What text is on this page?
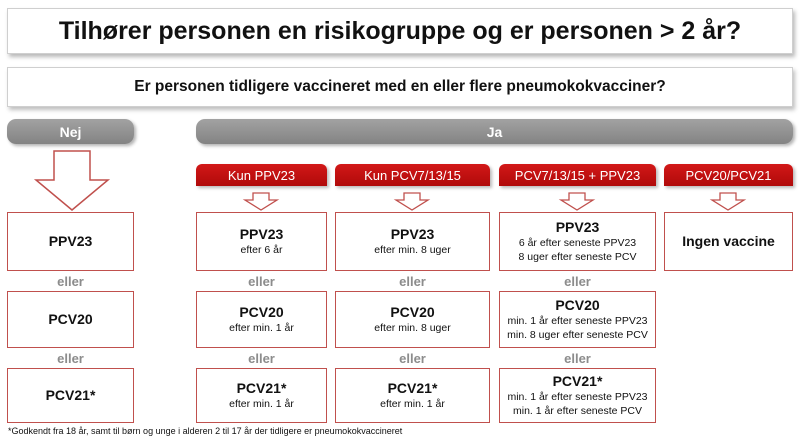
Tilhører personen en risikogruppe og er personen > 2 år?
Er personen tidligere vaccineret med en eller flere pneumokokvacciner?
Nej	Ja
Kun PPV23	Kun PCV7/13/15	PCV7/13/15 + PPV23	PCV20/PCV21
PPV23
eller
PCV20
eller
PCV21*
PPV23
efter 6 år
eller
PCV20
efter min. 1 år
eller
PCV21*
efter min. 1 år
PPV23
efter min. 8 uger
eller
PCV20
efter min. 8 uger
eller
PCV21*
efter min. 1 år
PPV23
6 år efter seneste PPV23
8 uger efter seneste PCV
eller
PCV20
min. 1 år efter seneste PPV23
min. 8 uger efter seneste PCV
eller
PCV21*
min. 1 år efter seneste PPV23
min. 1 år efter seneste PCV
Ingen vaccine
*Godkendt fra 18 år, samt til børn og unge i alderen 2 til 17 år der tidligere er pneumokokvaccineret
